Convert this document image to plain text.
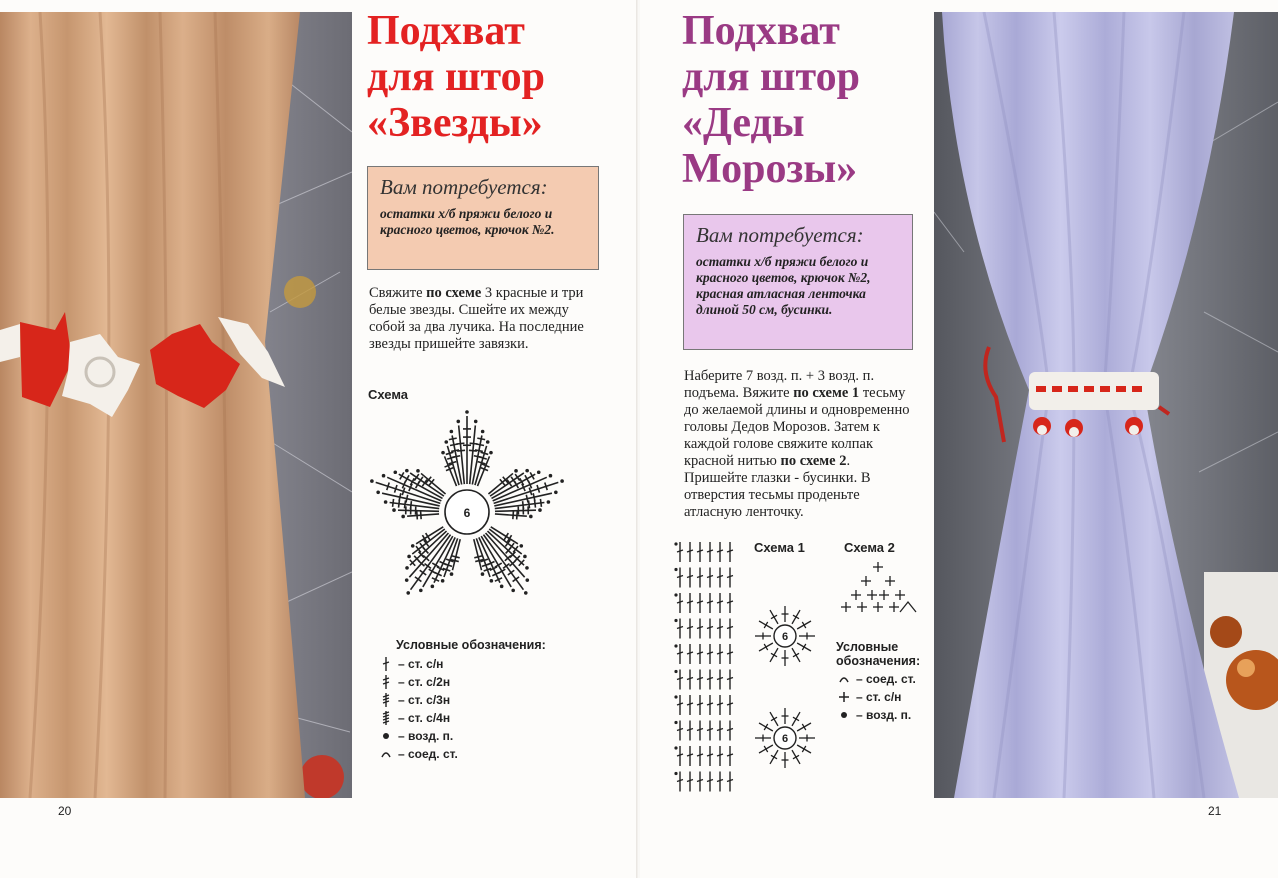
Подхват
для штор
«Звезды»

Вам потребуется:

остатки х/б пряжи белого и красного цветов, крючок №2.

Свяжите по схеме 3 красные и три белые звезды. Сшейте их между собой за два лучика. На последние звезды пришейте завязки.

Схема
6
Условные обозначения:
– ст. с/н
– ст. с/2н
– ст. с/3н
– ст. с/4н
– возд. п.
– соед. ст.
20
Подхват
для штор
«Деды
Морозы»

Вам потребуется:

остатки х/б пряжи белого и красного цветов, крючок №2, красная атласная ленточка длиной 50 см, бусинки.

Наберите 7 возд. п. + 3 возд. п. подъема. Вяжите по схеме 1 тесьму до желаемой длины и одновременно головы Дедов Морозов. Затем к каждой голове свяжите колпак красной нитью по схеме 2. Пришейте глазки - бусинки. В отверстия тесьмы проденьте атласную ленточку.

Схема 1	Схема 2
6
6
Условные
обозначения:
– соед. ст.
– ст. с/н
– возд. п.
21
